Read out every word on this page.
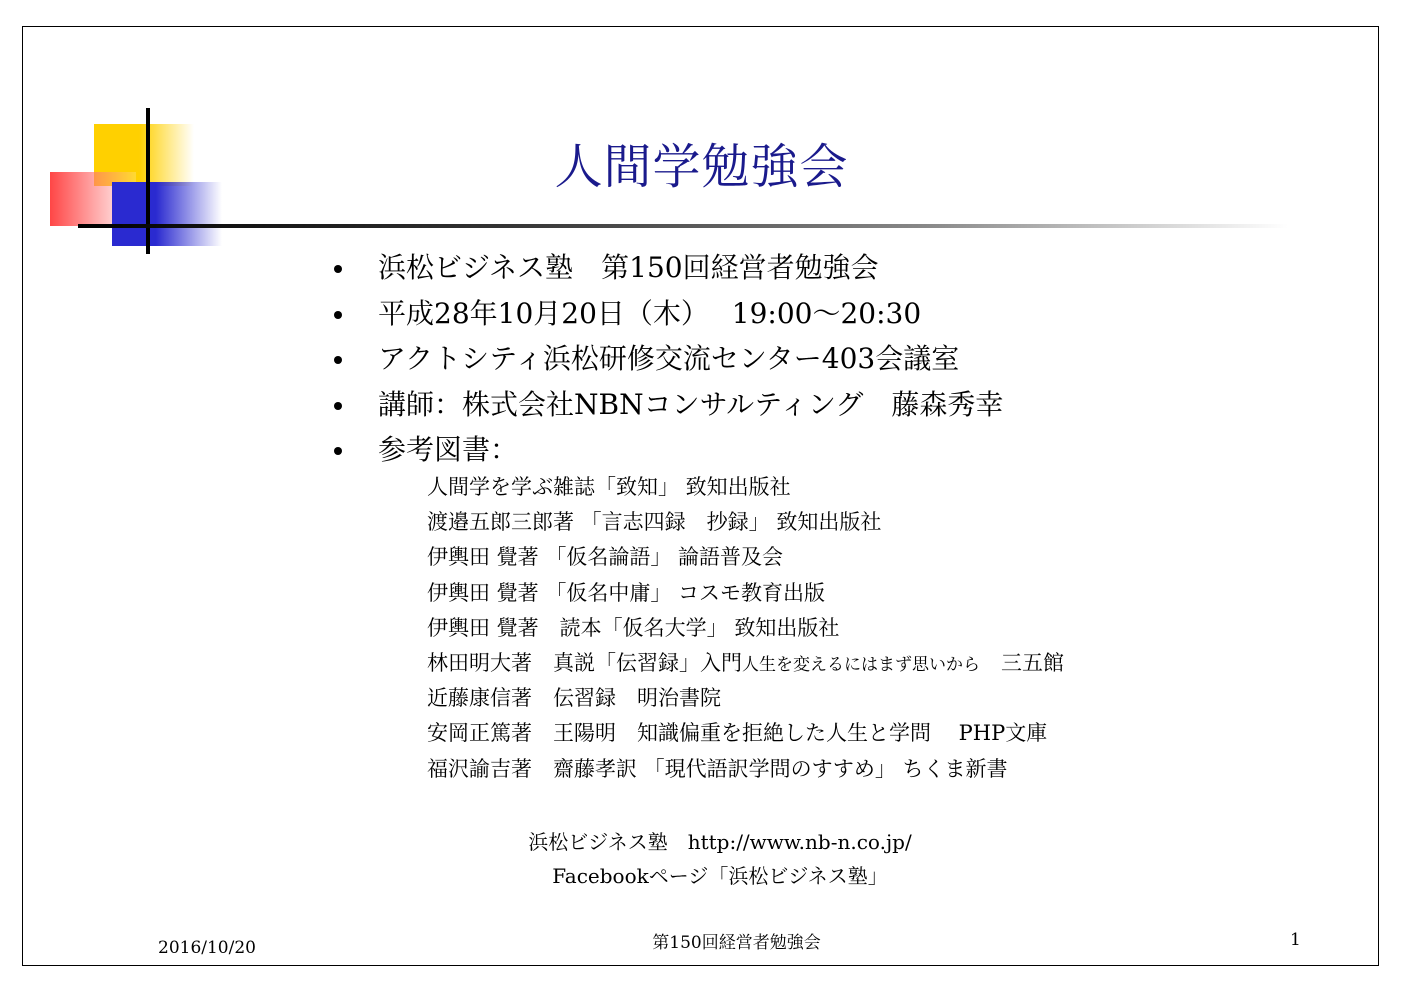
人間学勉強会
浜松ビジネス塾　第150回経営者勉強会
平成28年10月20日（木）　 19:00～20:30
アクトシティ浜松研修交流センター403会議室
講師：株式会社NBNコンサルティング　藤森秀幸
参考図書：
人間学を学ぶ雑誌「致知」 致知出版社
渡邉五郎三郎著 「言志四録　抄録」 致知出版社
伊輿田 覺著 「仮名論語」 論語普及会
伊輿田 覺著 「仮名中庸」 コスモ教育出版
伊輿田 覺著　読本「仮名大学」 致知出版社
林田明大著　真説「伝習録」入門人生を変えるにはまず思いから　三五館
近藤康信著　伝習録　明治書院
安岡正篤著　王陽明　知識偏重を拒絶した人生と学問　 PHP文庫
福沢諭吉著　齋藤孝訳 「現代語訳学問のすすめ」 ちくま新書
浜松ビジネス塾　http://www.nb-n.co.jp/
Facebookページ「浜松ビジネス塾」
2016/10/20	第150回経営者勉強会	1
